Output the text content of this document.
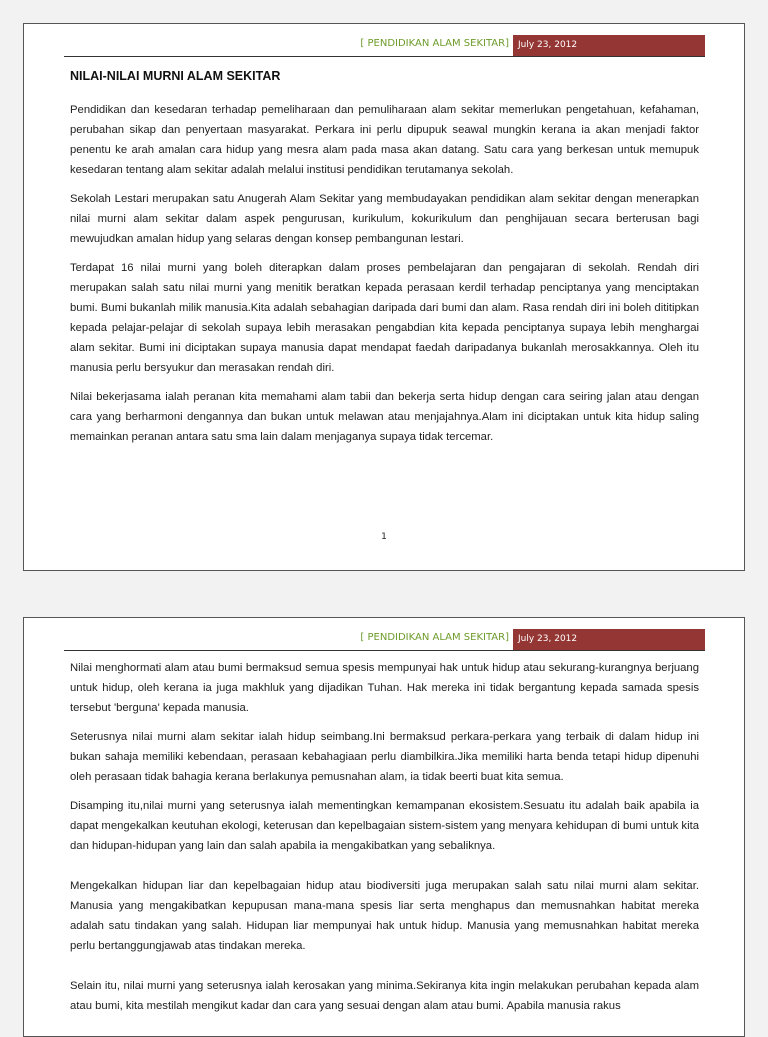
[ PENDIDIKAN ALAM SEKITAR]	July 23, 2012
NILAI-NILAI MURNI ALAM SEKITAR

Pendidikan dan kesedaran terhadap pemeliharaan dan pemuliharaan alam sekitar memerlukan pengetahuan, kefahaman, perubahan sikap dan penyertaan masyarakat. Perkara ini perlu dipupuk seawal mungkin kerana ia akan menjadi faktor penentu ke arah amalan cara hidup yang mesra alam pada masa akan datang. Satu cara yang berkesan untuk memupuk kesedaran tentang alam sekitar adalah melalui institusi pendidikan terutamanya sekolah.

Sekolah Lestari merupakan satu Anugerah Alam Sekitar yang membudayakan pendidikan alam sekitar dengan menerapkan nilai murni alam sekitar dalam aspek pengurusan, kurikulum, kokurikulum dan penghijauan secara berterusan bagi mewujudkan amalan hidup yang selaras dengan konsep pembangunan lestari.

Terdapat 16 nilai murni yang boleh diterapkan dalam proses pembelajaran dan pengajaran di sekolah. Rendah diri merupakan salah satu nilai murni yang menitik beratkan kepada perasaan kerdil terhadap penciptanya yang menciptakan bumi. Bumi bukanlah milik manusia.Kita adalah sebahagian daripada dari bumi dan alam. Rasa rendah diri ini boleh dititipkan kepada pelajar-pelajar di sekolah supaya lebih merasakan pengabdian kita kepada penciptanya supaya lebih menghargai alam sekitar. Bumi ini diciptakan supaya manusia dapat mendapat faedah daripadanya bukanlah merosakkannya. Oleh itu manusia perlu bersyukur dan merasakan rendah diri.

Nilai bekerjasama ialah peranan kita memahami alam tabii dan bekerja serta hidup dengan cara seiring jalan atau dengan cara yang berharmoni dengannya dan bukan untuk melawan atau menjajahnya.Alam ini diciptakan untuk kita hidup saling memainkan peranan antara satu sma lain dalam menjaganya supaya tidak tercemar.

1
[ PENDIDIKAN ALAM SEKITAR]	July 23, 2012

Nilai menghormati alam atau bumi bermaksud semua spesis mempunyai hak untuk hidup atau sekurang-kurangnya berjuang untuk hidup, oleh kerana ia juga makhluk yang dijadikan Tuhan. Hak mereka ini tidak bergantung kepada samada spesis tersebut 'berguna' kepada manusia.

Seterusnya nilai murni alam sekitar ialah hidup seimbang.Ini bermaksud perkara-perkara yang terbaik di dalam hidup ini bukan sahaja memiliki kebendaan, perasaan kebahagiaan perlu diambilkira.Jika memiliki harta benda tetapi hidup dipenuhi oleh perasaan tidak bahagia kerana berlakunya pemusnahan alam, ia tidak beerti buat kita semua.

Disamping itu,nilai murni yang seterusnya ialah mementingkan kemampanan ekosistem.Sesuatu itu adalah baik apabila ia dapat mengekalkan keutuhan ekologi, keterusan dan kepelbagaian sistem-sistem yang menyara kehidupan di bumi untuk kita dan hidupan-hidupan yang lain dan salah apabila ia mengakibatkan yang sebaliknya.

Mengekalkan hidupan liar dan kepelbagaian hidup atau biodiversiti juga merupakan salah satu nilai murni alam sekitar. Manusia yang mengakibatkan kepupusan mana-mana spesis liar serta menghapus dan memusnahkan habitat mereka adalah satu tindakan yang salah. Hidupan liar mempunyai hak untuk hidup. Manusia yang memusnahkan habitat mereka perlu bertanggungjawab atas tindakan mereka.

Selain itu, nilai murni yang seterusnya ialah kerosakan yang minima.Sekiranya kita ingin melakukan perubahan kepada alam atau bumi, kita mestilah mengikut kadar dan cara yang sesuai dengan alam atau bumi. Apabila manusia rakus
